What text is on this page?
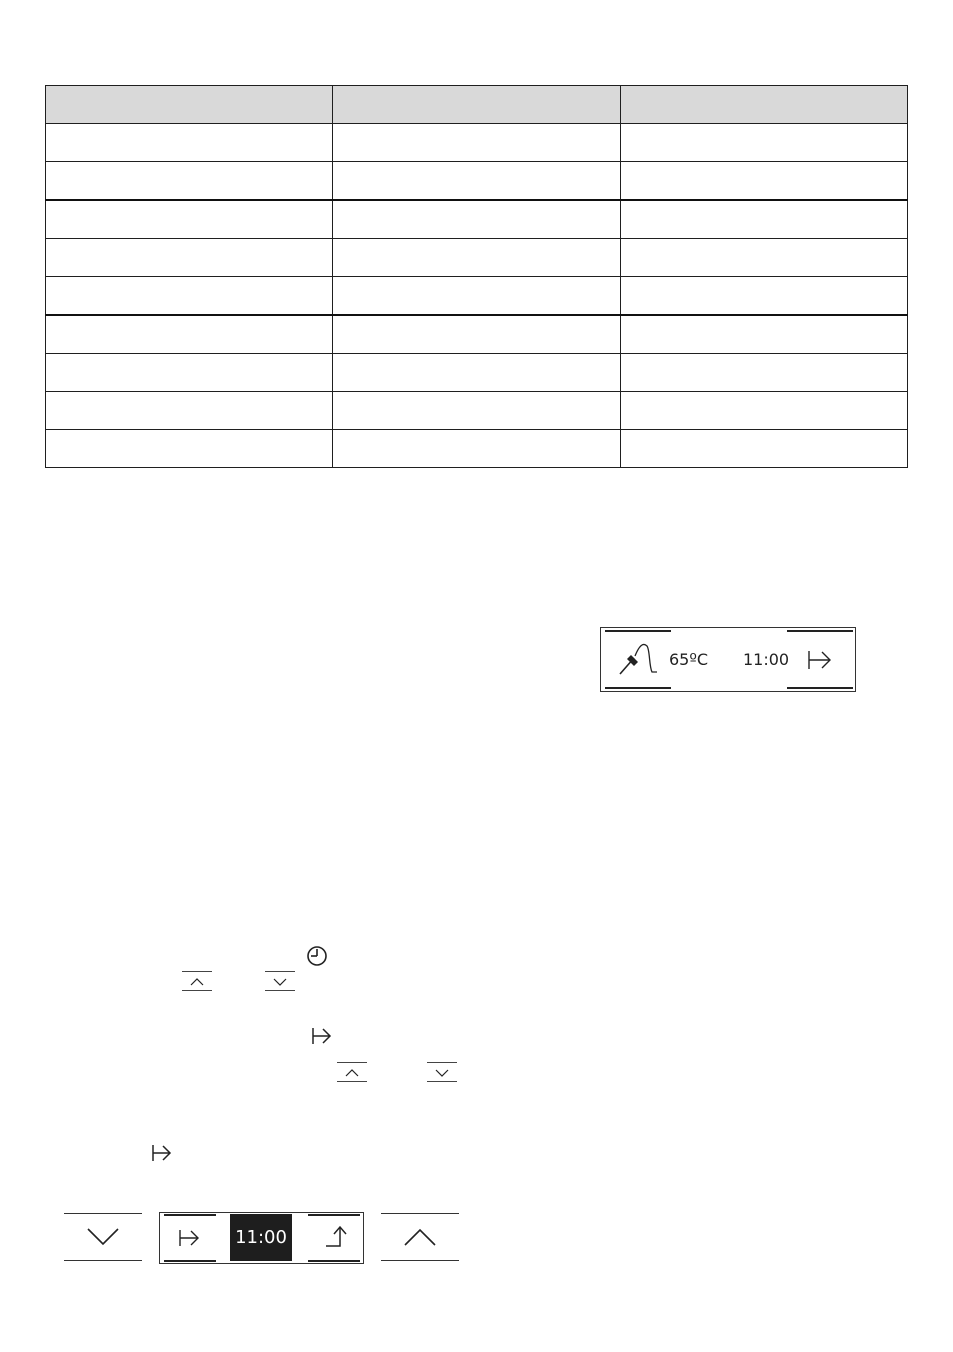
65ºC 11:00
11:00
